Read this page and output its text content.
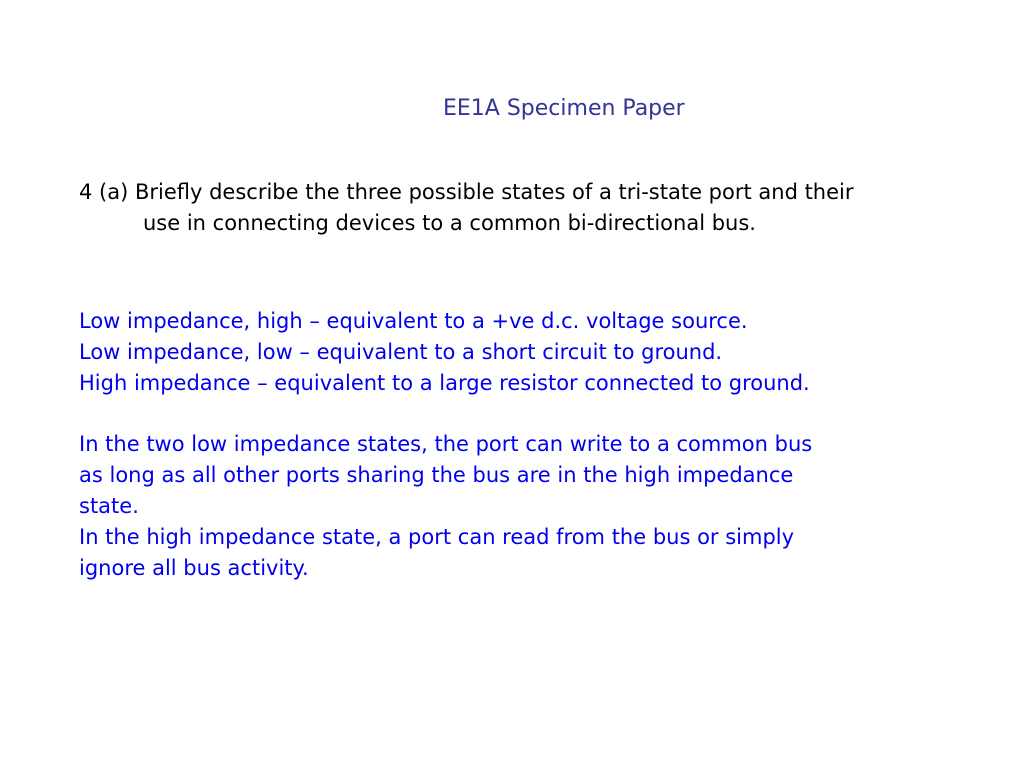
EE1A Specimen Paper
4 (a) Briefly describe the three possible states of a tri-state port and their
use in connecting devices to a common bi-directional bus.
Low impedance, high – equivalent to a +ve d.c. voltage source.
Low impedance, low – equivalent to a short circuit to ground.
High impedance – equivalent to a large resistor connected to ground.
In the two low impedance states, the port can write to a common bus
as long as all other ports sharing the bus are in the high impedance
state.
In the high impedance state, a port can read from the bus or simply
ignore all bus activity.
